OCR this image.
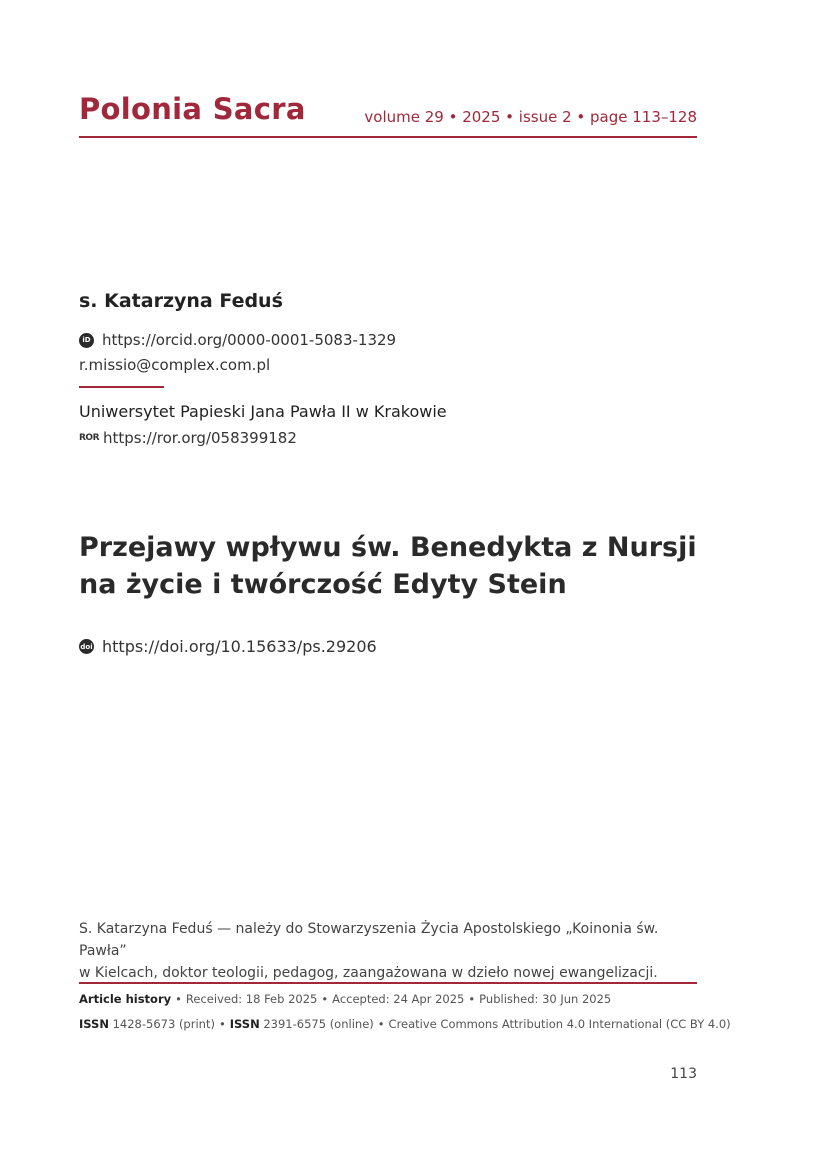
Polonia Sacra	volume 29 • 2025 • issue 2 • page 113–128
s. Katarzyna Feduś
iD https://orcid.org/0000-0001-5083-1329
r.missio@complex.com.pl
Uniwersytet Papieski Jana Pawła II w Krakowie
ROR https://ror.org/058399182
Przejawy wpływu św. Benedykta z Nursji
na życie i twórczość Edyty Stein
doi https://doi.org/10.15633/ps.29206
S. Katarzyna Feduś — należy do Stowarzyszenia Życia Apostolskiego „Koinonia św. Pawła”
w Kielcach, doktor teologii, pedagog, zaangażowana w dzieło nowej ewangelizacji.
Article history • Received: 18 Feb 2025 • Accepted: 24 Apr 2025 • Published: 30 Jun 2025
ISSN 1428-5673 (print) • ISSN 2391-6575 (online) • Creative Commons Attribution 4.0 International (CC BY 4.0)
113
